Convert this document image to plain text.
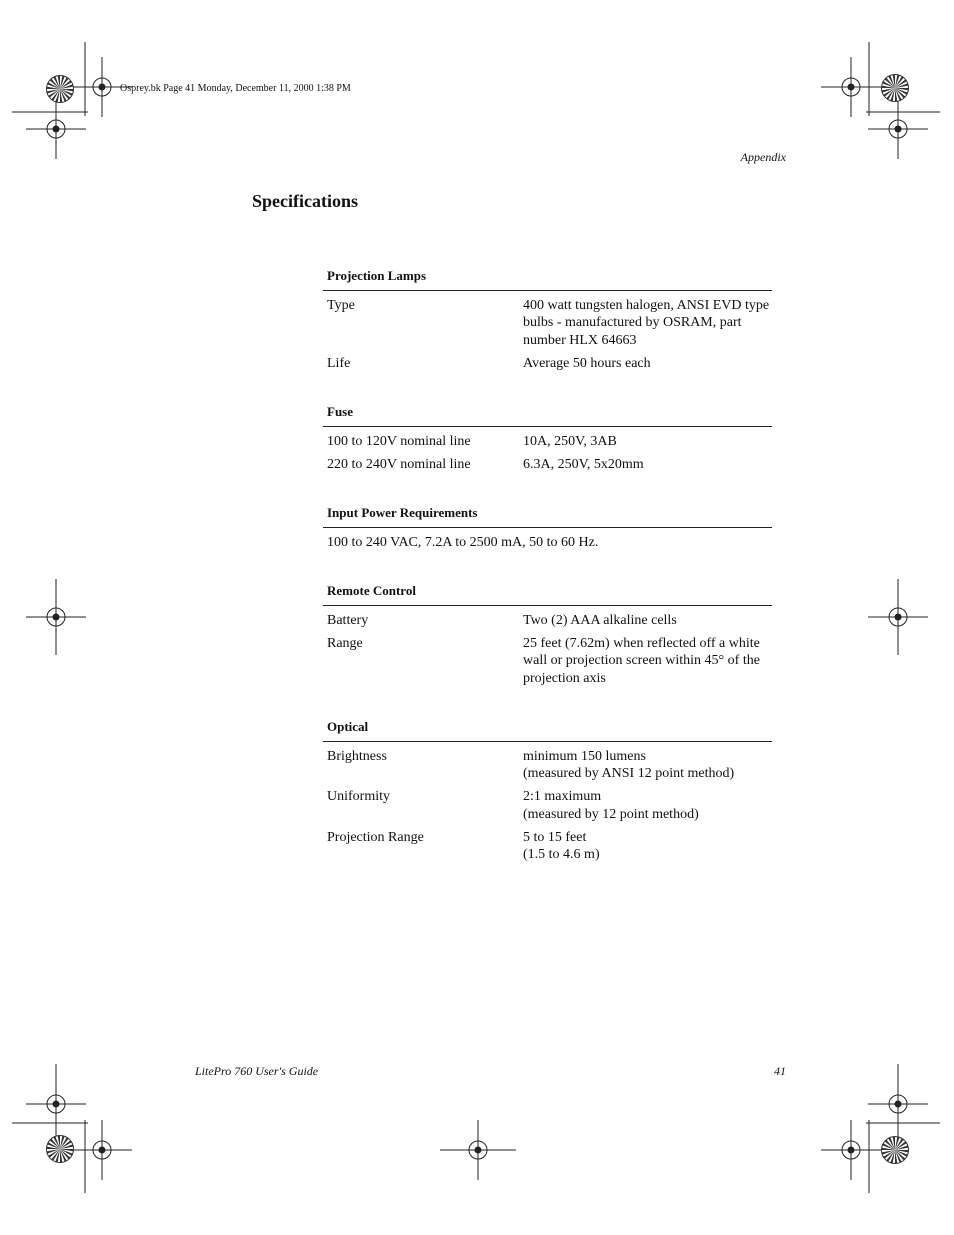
Osprey.bk Page 41 Monday, December 11, 2000 1:38 PM
Appendix
Specifications
Projection Lamps
Type	400 watt tungsten halogen, ANSI EVD type
bulbs - manufactured by OSRAM, part
number HLX 64663
Life	Average 50 hours each
Fuse
100 to 120V nominal line	10A, 250V, 3AB
220 to 240V nominal line	6.3A, 250V, 5x20mm
Input Power Requirements
100 to 240 VAC, 7.2A to 2500 mA, 50 to 60 Hz.
Remote Control
Battery	Two (2) AAA alkaline cells
Range	25 feet (7.62m) when reflected off a white
wall or projection screen within 45° of the
projection axis
Optical
Brightness	minimum 150 lumens
(measured by ANSI 12 point method)
Uniformity	2:1 maximum
(measured by 12 point method)
Projection Range	5 to 15 feet
(1.5 to 4.6 m)
LitePro 760 User's Guide	41
